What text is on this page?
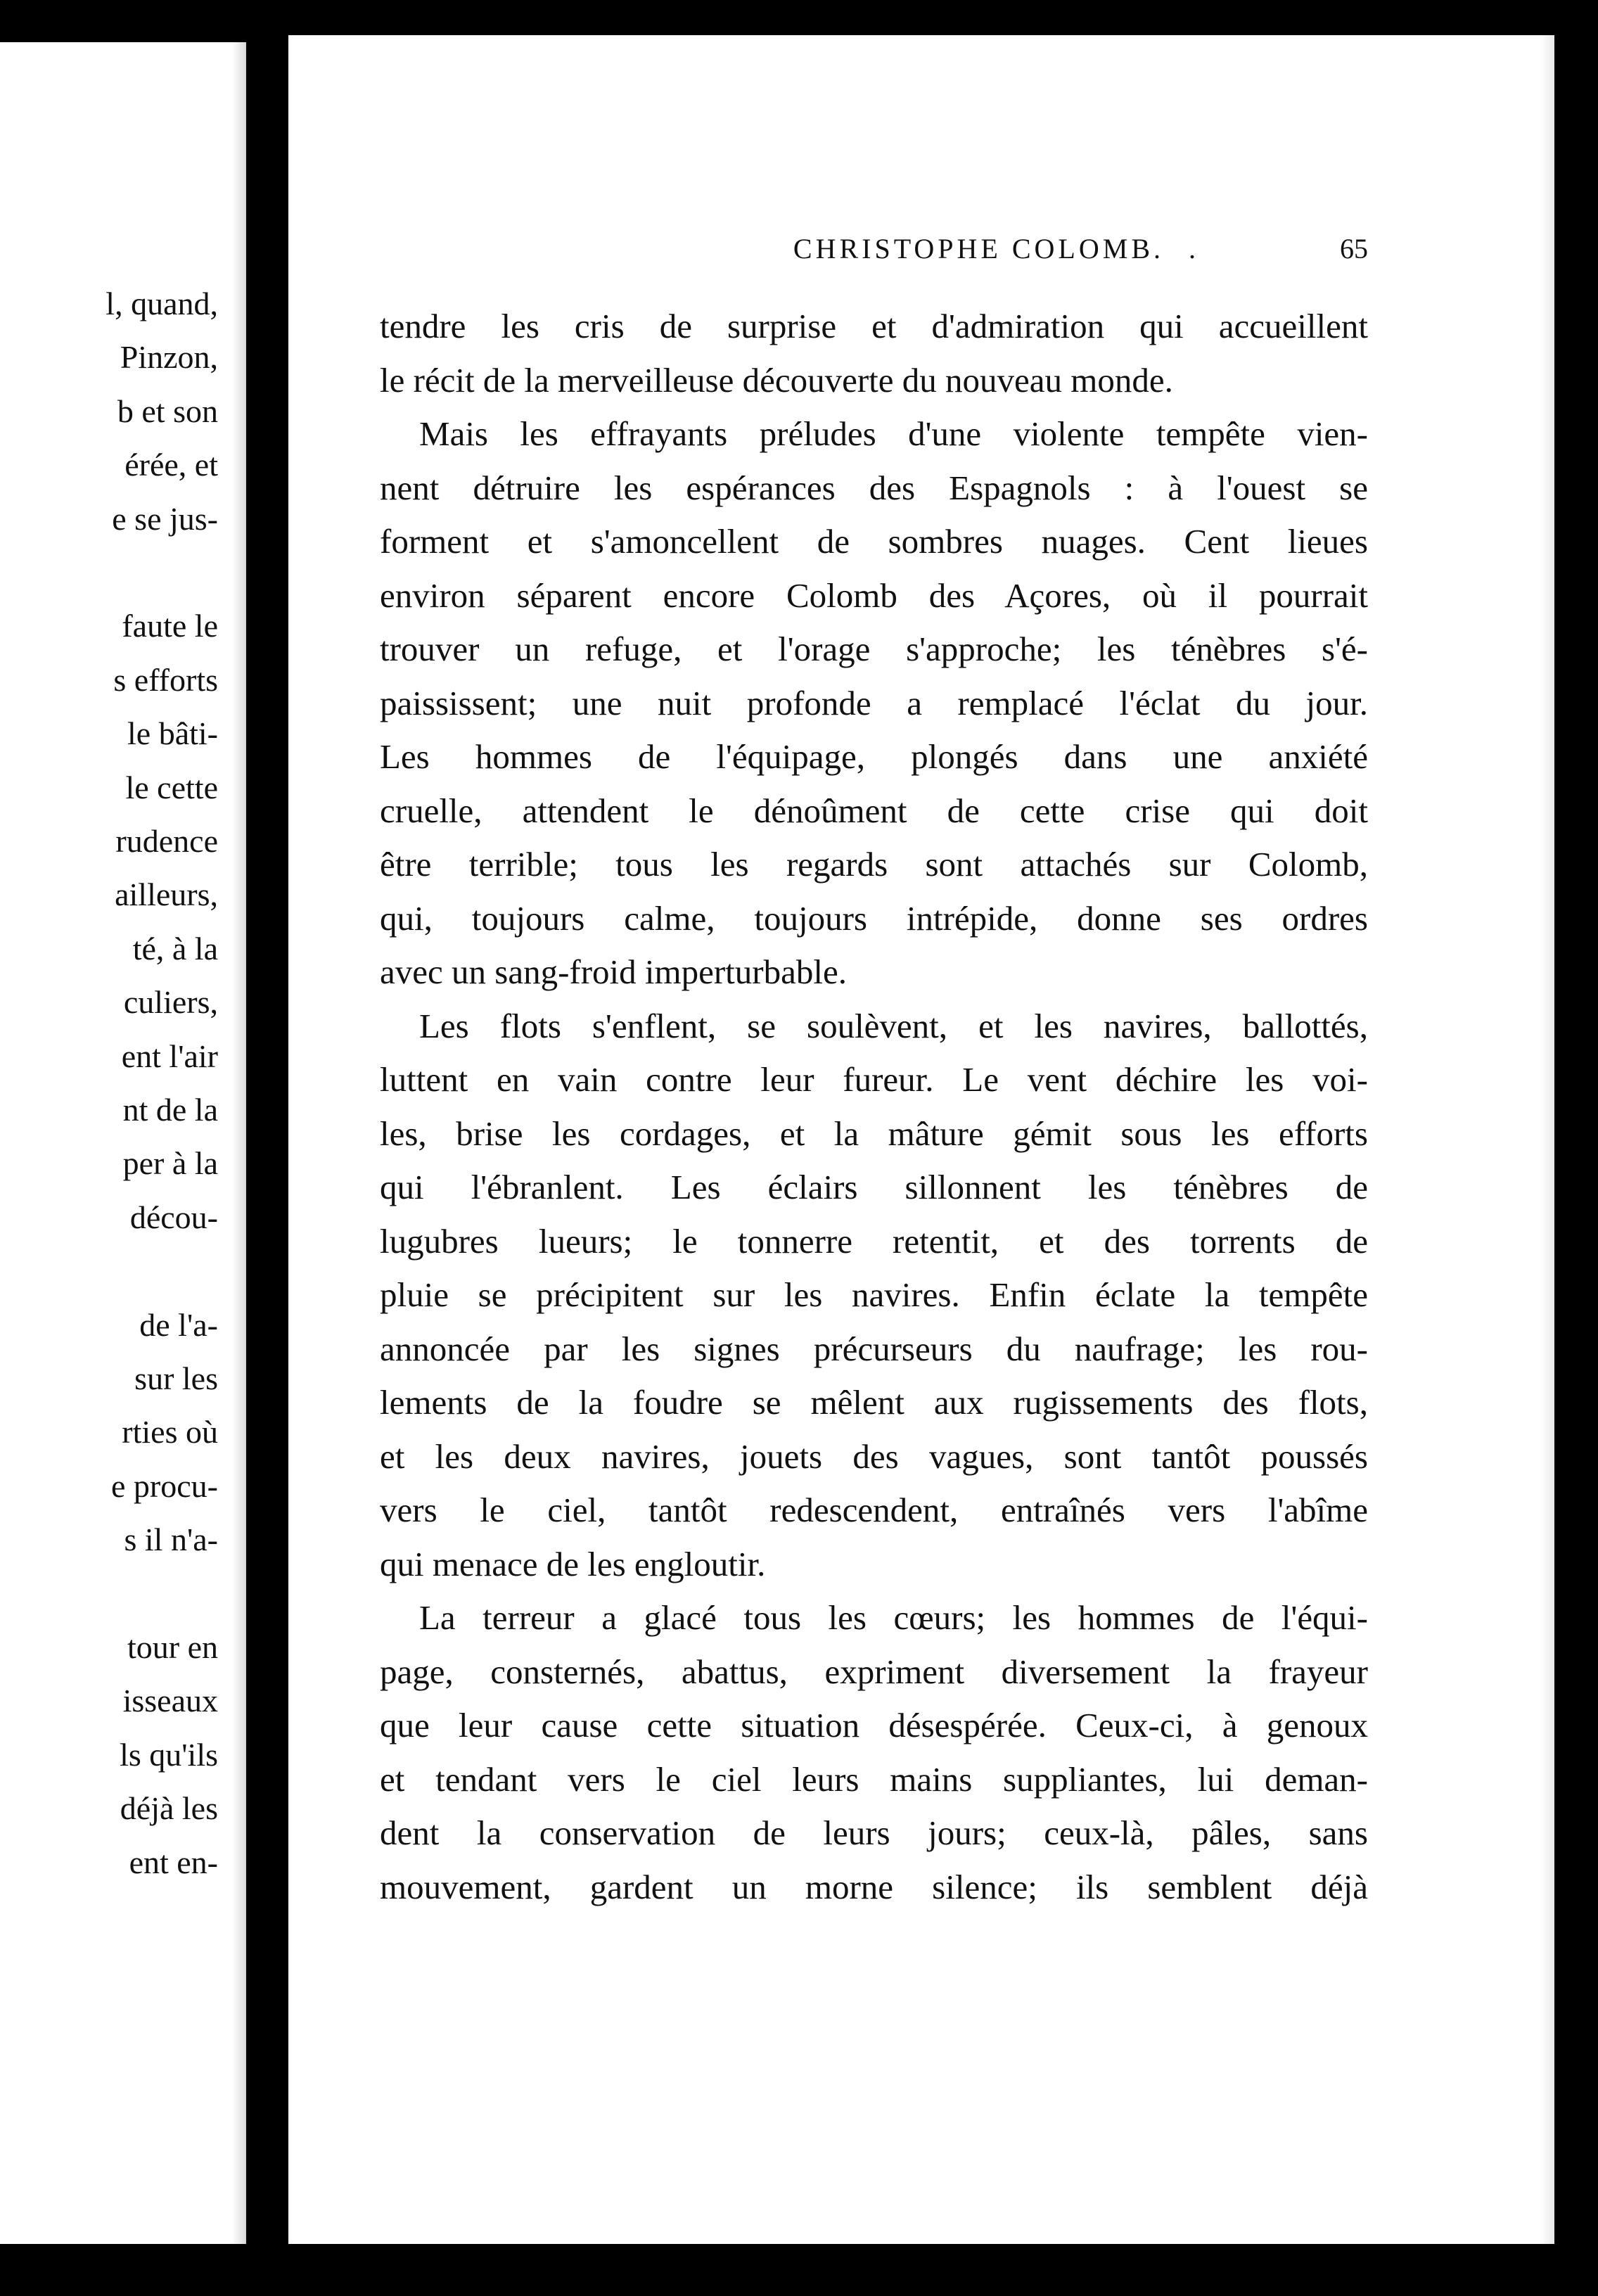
l, quand,
Pinzon,
b et son
érée, et
e se jus-
faute le
s efforts
le bâti-
le cette
rudence
ailleurs,
té, à la
culiers,
ent l'air
nt de la
per à la
décou-
de l'a-
sur les
rties où
e procu-
s il n'a-
tour en
isseaux
ls qu'ils
déjà les
ent en-
CHRISTOPHE COLOMB. .	65
tendre les cris de surprise et d'admiration qui accueillent
le récit de la merveilleuse découverte du nouveau monde.
Mais les effrayants préludes d'une violente tempête vien-
nent détruire les espérances des Espagnols : à l'ouest se
forment et s'amoncellent de sombres nuages. Cent lieues
environ séparent encore Colomb des Açores, où il pourrait
trouver un refuge, et l'orage s'approche; les ténèbres s'é-
paississent; une nuit profonde a remplacé l'éclat du jour.
Les hommes de l'équipage, plongés dans une anxiété
cruelle, attendent le dénoûment de cette crise qui doit
être terrible; tous les regards sont attachés sur Colomb,
qui, toujours calme, toujours intrépide, donne ses ordres
avec un sang-froid imperturbable.
Les flots s'enflent, se soulèvent, et les navires, ballottés,
luttent en vain contre leur fureur. Le vent déchire les voi-
les, brise les cordages, et la mâture gémit sous les efforts
qui l'ébranlent. Les éclairs sillonnent les ténèbres de
lugubres lueurs; le tonnerre retentit, et des torrents de
pluie se précipitent sur les navires. Enfin éclate la tempête
annoncée par les signes précurseurs du naufrage; les rou-
lements de la foudre se mêlent aux rugissements des flots,
et les deux navires, jouets des vagues, sont tantôt poussés
vers le ciel, tantôt redescendent, entraînés vers l'abîme
qui menace de les engloutir.
La terreur a glacé tous les cœurs; les hommes de l'équi-
page, consternés, abattus, expriment diversement la frayeur
que leur cause cette situation désespérée. Ceux-ci, à genoux
et tendant vers le ciel leurs mains suppliantes, lui deman-
dent la conservation de leurs jours; ceux-là, pâles, sans
mouvement, gardent un morne silence; ils semblent déjà
